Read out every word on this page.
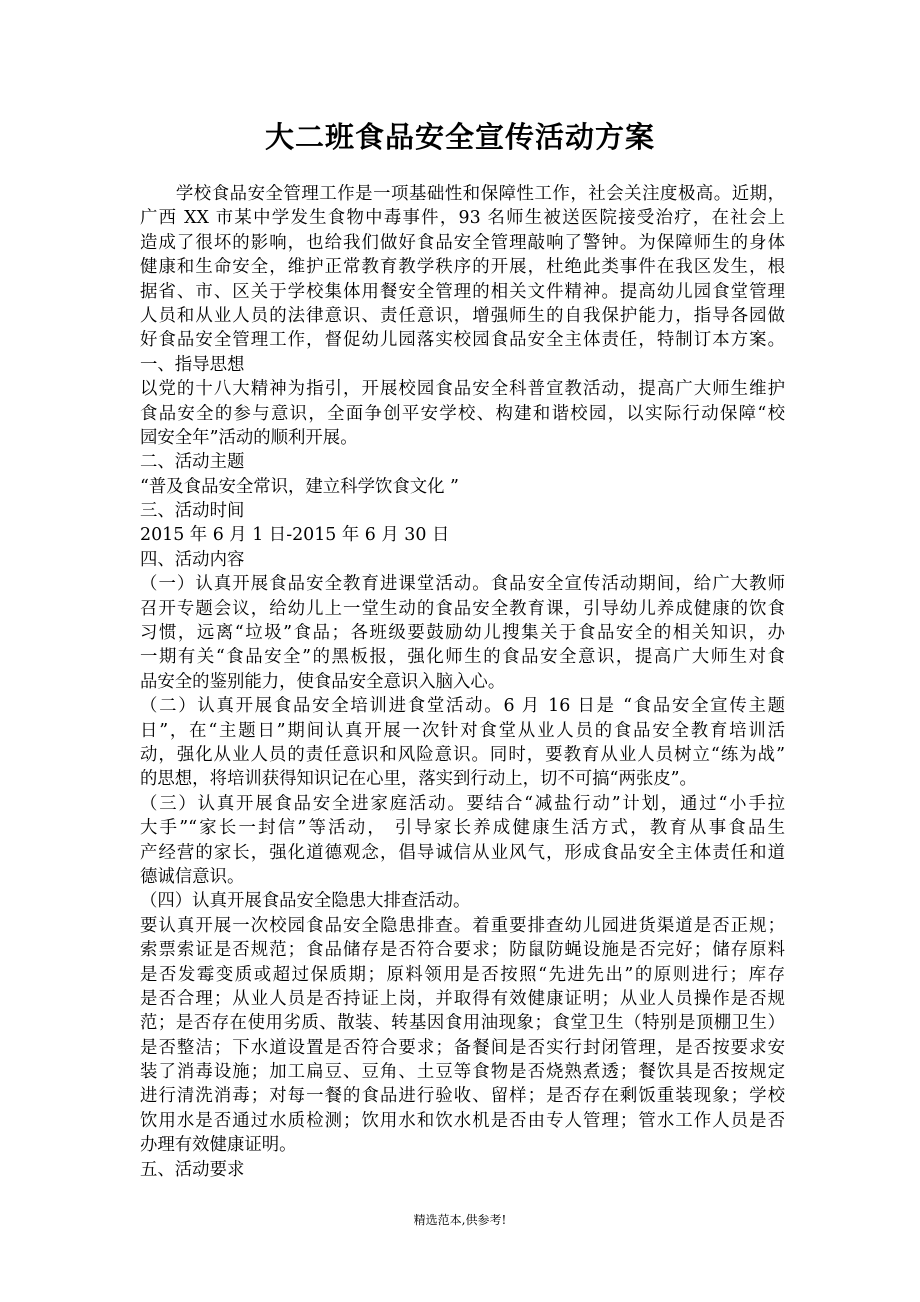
大二班食品安全宣传活动方案
　　学校食品安全管理工作是一项基础性和保障性工作，社会关注度极高。近期，
广西 XX 市某中学发生食物中毒事件，93 名师生被送医院接受治疗，在社会上
造成了很坏的影响，也给我们做好食品安全管理敲响了警钟。为保障师生的身体
健康和生命安全，维护正常教育教学秩序的开展，杜绝此类事件在我区发生，根
据省、市、区关于学校集体用餐安全管理的相关文件精神。提高幼儿园食堂管理
人员和从业人员的法律意识、责任意识，增强师生的自我保护能力，指导各园做
好食品安全管理工作，督促幼儿园落实校园食品安全主体责任，特制订本方案。
一、指导思想
以党的十八大精神为指引，开展校园食品安全科普宣教活动，提高广大师生维护
食品安全的参与意识，全面争创平安学校、构建和谐校园，以实际行动保障“校
园安全年”活动的顺利开展。
二、活动主题
“普及食品安全常识，建立科学饮食文化 ”
三、活动时间
2015 年 6 月 1 日-2015 年 6 月 30 日
四、活动内容
（一）认真开展食品安全教育进课堂活动。食品安全宣传活动期间，给广大教师
召开专题会议，给幼儿上一堂生动的食品安全教育课，引导幼儿养成健康的饮食
习惯，远离“垃圾”食品；各班级要鼓励幼儿搜集关于食品安全的相关知识，办
一期有关“食品安全”的黑板报，强化师生的食品安全意识，提高广大师生对食
品安全的鉴别能力，使食品安全意识入脑入心。
（二）认真开展食品安全培训进食堂活动。6 月 16 日是 “食品安全宣传主题
日”，在“主题日”期间认真开展一次针对食堂从业人员的食品安全教育培训活
动，强化从业人员的责任意识和风险意识。同时，要教育从业人员树立“练为战”
的思想，将培训获得知识记在心里，落实到行动上，切不可搞“两张皮”。
（三）认真开展食品安全进家庭活动。要结合“减盐行动”计划，通过“小手拉
大手”“家长一封信”等活动， 引导家长养成健康生活方式，教育从事食品生
产经营的家长，强化道德观念，倡导诚信从业风气，形成食品安全主体责任和道
德诚信意识。
（四）认真开展食品安全隐患大排查活动。
要认真开展一次校园食品安全隐患排查。着重要排查幼儿园进货渠道是否正规；
索票索证是否规范；食品储存是否符合要求；防鼠防蝇设施是否完好；储存原料
是否发霉变质或超过保质期；原料领用是否按照“先进先出”的原则进行；库存
是否合理；从业人员是否持证上岗，并取得有效健康证明；从业人员操作是否规
范；是否存在使用劣质、散装、转基因食用油现象；食堂卫生（特别是顶棚卫生）
是否整洁；下水道设置是否符合要求；备餐间是否实行封闭管理，是否按要求安
装了消毒设施；加工扁豆、豆角、土豆等食物是否烧熟煮透；餐饮具是否按规定
进行清洗消毒；对每一餐的食品进行验收、留样；是否存在剩饭重装现象；学校
饮用水是否通过水质检测；饮用水和饮水机是否由专人管理；管水工作人员是否
办理有效健康证明。
五、活动要求
精选范本,供参考!
